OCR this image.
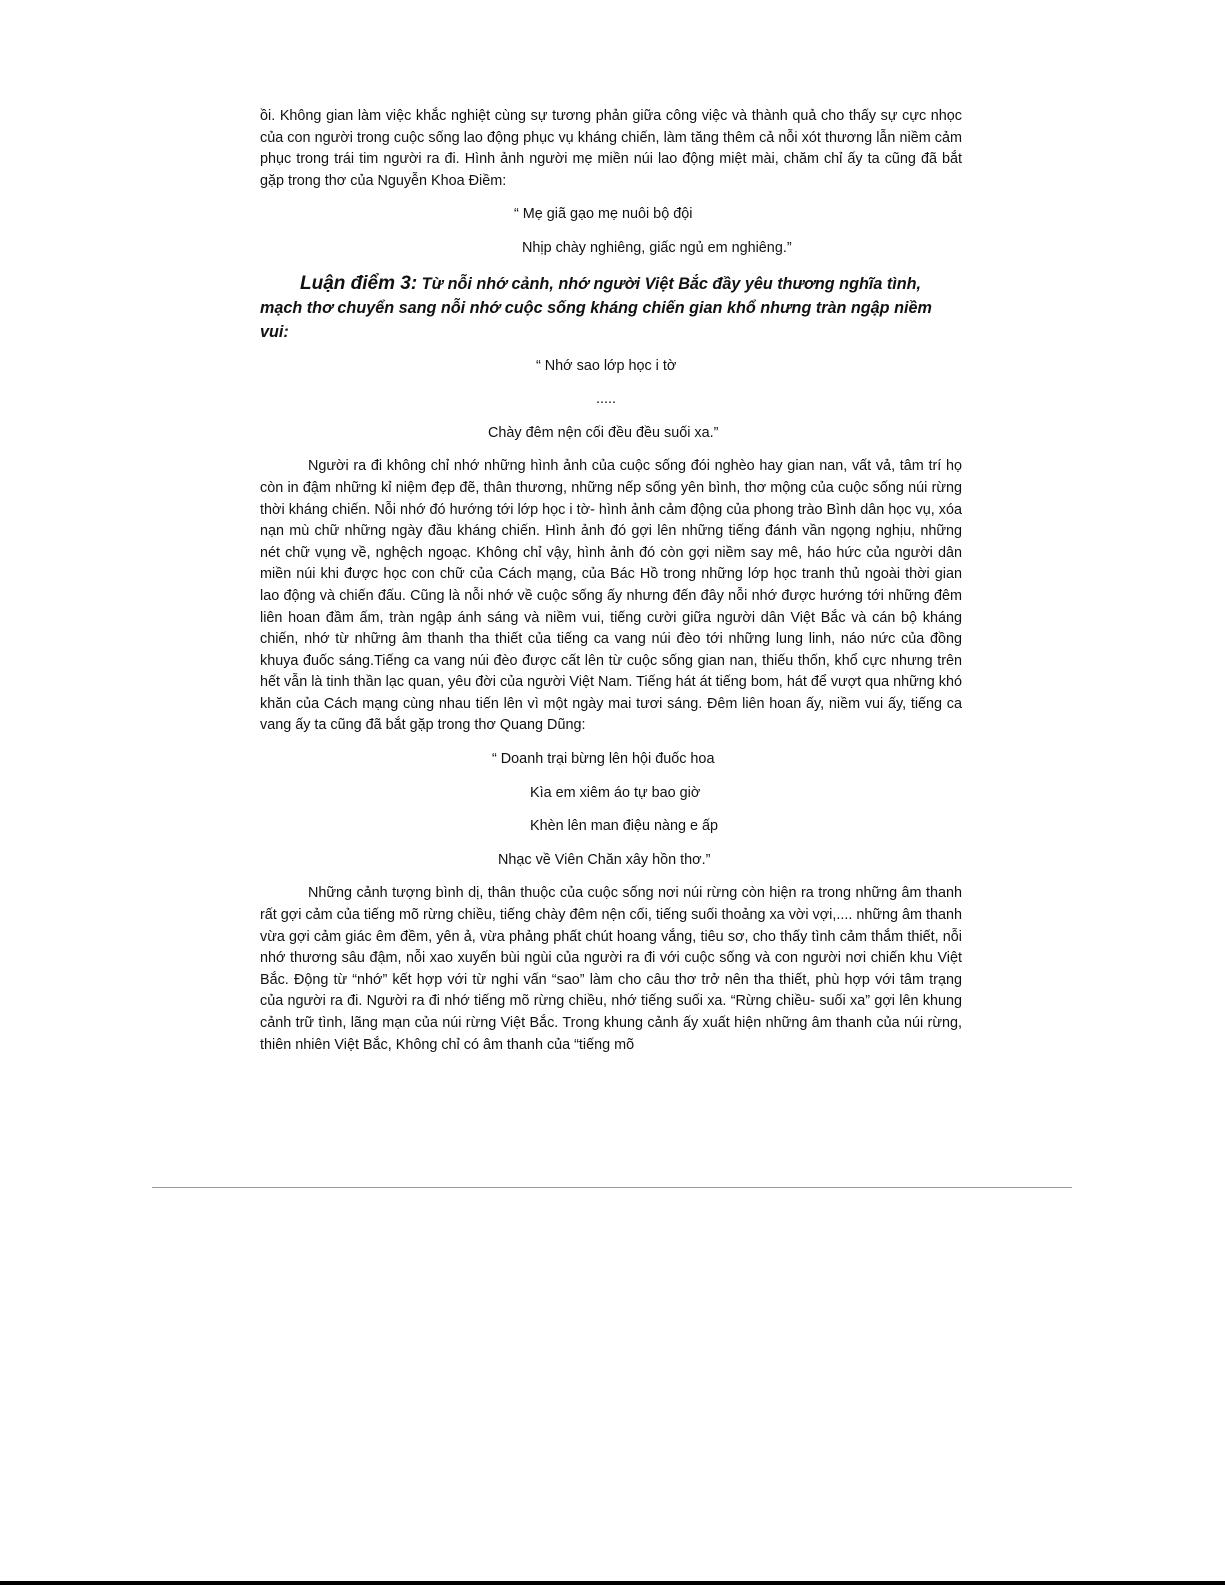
ồi. Không gian làm việc khắc nghiệt cùng sự tương phản giữa công việc và thành quả cho thấy sự cực nhọc của con người trong cuộc sống lao động phục vụ kháng chiến, làm tăng thêm cả nỗi xót thương lẫn niềm cảm phục trong trái tim người ra đi. Hình ảnh người mẹ miền núi lao động miệt mài, chăm chỉ ấy ta cũng đã bắt gặp trong thơ của Nguyễn Khoa Điềm:

“ Mẹ giã gạo mẹ nuôi bộ đội

Nhịp chày nghiêng, giấc ngủ em nghiêng.”

Luận điểm 3: Từ nỗi nhớ cảnh, nhớ người Việt Bắc đầy yêu thương nghĩa tình, mạch thơ chuyển sang nỗi nhớ cuộc sống kháng chiến gian khổ nhưng tràn ngập niềm vui:

“ Nhớ sao lớp học i tờ

.....

Chày đêm nện cối đều đều suối xa.”

Người ra đi không chỉ nhớ những hình ảnh của cuộc sống đói nghèo hay gian nan, vất vả, tâm trí họ còn in đậm những kỉ niệm đẹp đẽ, thân thương, những nếp sống yên bình, thơ mộng của cuộc sống núi rừng thời kháng chiến. Nỗi nhớ đó hướng tới lớp học i tờ- hình ảnh cảm động của phong trào Bình dân học vụ, xóa nạn mù chữ những ngày đầu kháng chiến. Hình ảnh đó gợi lên những tiếng đánh vần ngọng nghịu, những nét chữ vụng về, nghệch ngoạc. Không chỉ vậy, hình ảnh đó còn gợi niềm say mê, háo hức của người dân miền núi khi được học con chữ của Cách mạng, của Bác Hồ trong những lớp học tranh thủ ngoài thời gian lao động và chiến đấu. Cũng là nỗi nhớ về cuộc sống ấy nhưng đến đây nỗi nhớ được hướng tới những đêm liên hoan đầm ấm, tràn ngập ánh sáng và niềm vui, tiếng cười giữa người dân Việt Bắc và cán bộ kháng chiến, nhớ từ những âm thanh tha thiết của tiếng ca vang núi đèo tới những lung linh, náo nức của đồng khuya đuốc sáng.Tiếng ca vang núi đèo được cất lên từ cuộc sống gian nan, thiếu thốn, khổ cực nhưng trên hết vẫn là tinh thần lạc quan, yêu đời của người Việt Nam. Tiếng hát át tiếng bom, hát để vượt qua những khó khăn của Cách mạng cùng nhau tiến lên vì một ngày mai tươi sáng. Đêm liên hoan ấy, niềm vui ấy, tiếng ca vang ấy ta cũng đã bắt gặp trong thơ Quang Dũng:

“ Doanh trại bừng lên hội đuốc hoa

Kìa em xiêm áo tự bao giờ

Khèn lên man điệu nàng e ấp

Nhạc về Viên Chăn xây hồn thơ.”

Những cảnh tượng bình dị, thân thuộc của cuộc sống nơi núi rừng còn hiện ra trong những âm thanh rất gợi cảm của tiếng mõ rừng chiều, tiếng chày đêm nện cối, tiếng suối thoảng xa vời vợi,.... những âm thanh vừa gợi cảm giác êm đềm, yên ả, vừa phảng phất chút hoang vắng, tiêu sơ, cho thấy tình cảm thắm thiết, nỗi nhớ thương sâu đậm, nỗi xao xuyến bùi ngùi của người ra đi với cuộc sống và con người nơi chiến khu Việt Bắc. Động từ “nhớ” kết hợp với từ nghi vấn “sao” làm cho câu thơ trở nên tha thiết, phù hợp với tâm trạng của người ra đi. Người ra đi nhớ tiếng mõ rừng chiều, nhớ tiếng suối xa. “Rừng chiều- suối xa” gợi lên khung cảnh trữ tình, lãng mạn của núi rừng Việt Bắc. Trong khung cảnh ấy xuất hiện những âm thanh của núi rừng, thiên nhiên Việt Bắc, Không chỉ có âm thanh của “tiếng mõ
